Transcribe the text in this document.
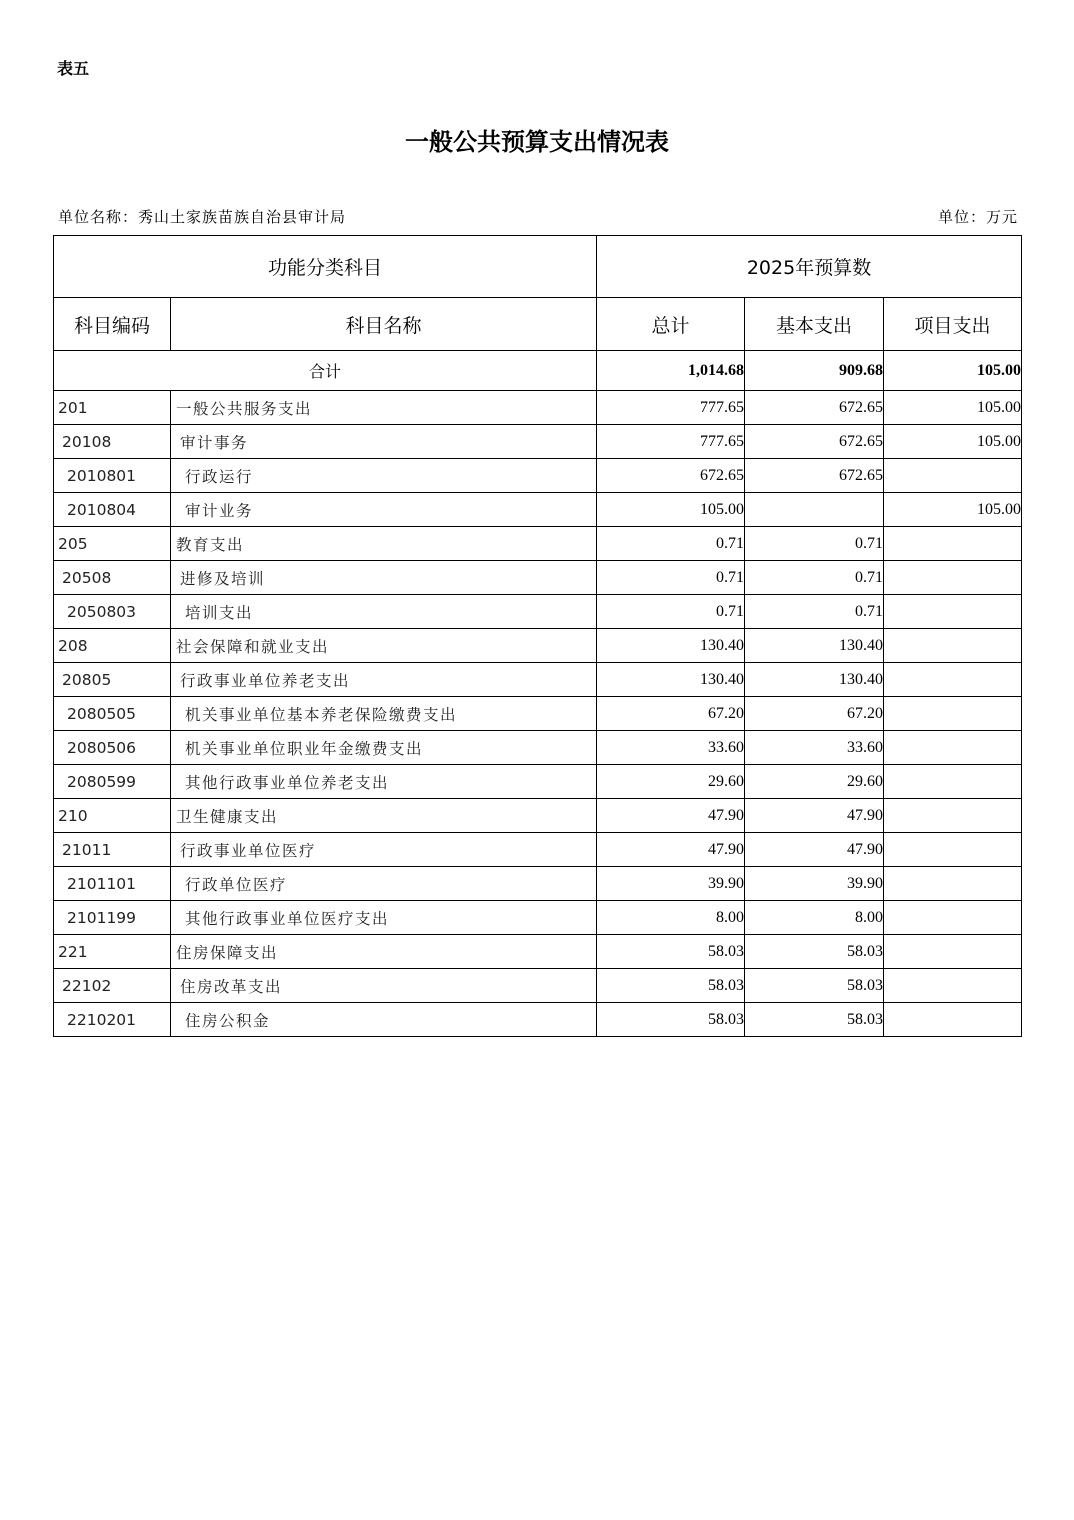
表五
一般公共预算支出情况表
单位名称：秀山土家族苗族自治县审计局	单位：万元
功能分类科目		2025年预算数		
科目编码	科目名称	总计	基本支出	项目支出
合计		1,014.68	909.68	105.00
201	一般公共服务支出	777.65	672.65	105.00
20108	审计事务	777.65	672.65	105.00
2010801	行政运行	672.65	672.65	
2010804	审计业务	105.00		105.00
205	教育支出	0.71	0.71	
20508	进修及培训	0.71	0.71	
2050803	培训支出	0.71	0.71	
208	社会保障和就业支出	130.40	130.40	
20805	行政事业单位养老支出	130.40	130.40	
2080505	机关事业单位基本养老保险缴费支出	67.20	67.20	
2080506	机关事业单位职业年金缴费支出	33.60	33.60	
2080599	其他行政事业单位养老支出	29.60	29.60	
210	卫生健康支出	47.90	47.90	
21011	行政事业单位医疗	47.90	47.90	
2101101	行政单位医疗	39.90	39.90	
2101199	其他行政事业单位医疗支出	8.00	8.00	
221	住房保障支出	58.03	58.03	
22102	住房改革支出	58.03	58.03	
2210201	住房公积金	58.03	58.03	
